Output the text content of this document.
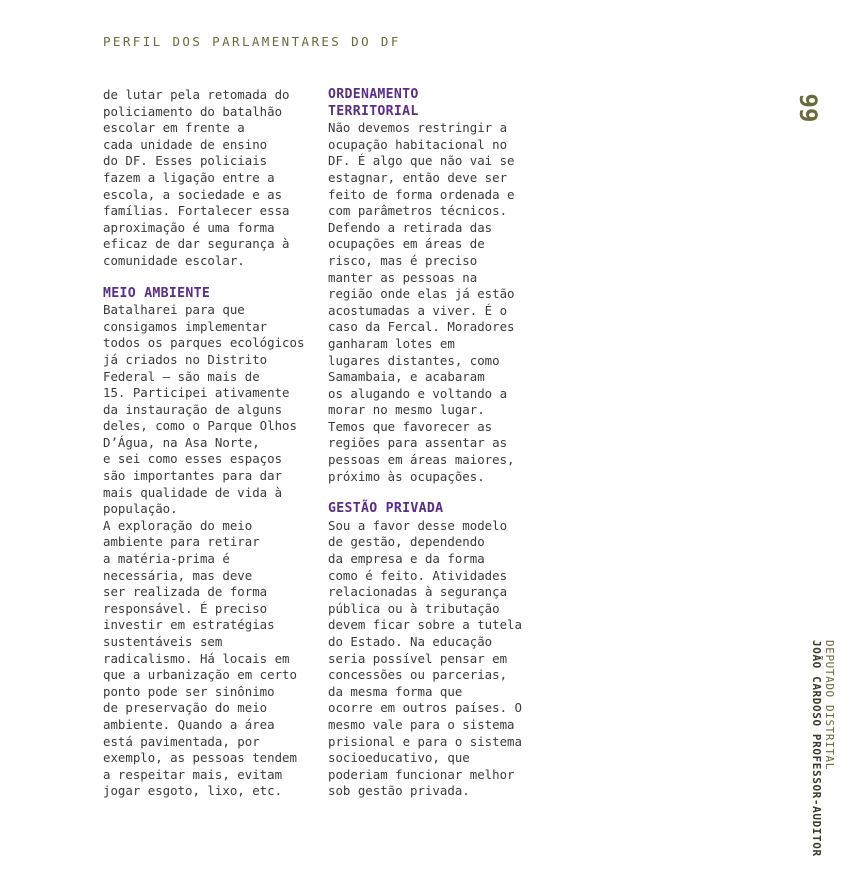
PERFIL DOS PARLAMENTARES DO DF

de lutar pela retomada do
policiamento do batalhão
escolar em frente a
cada unidade de ensino
do DF. Esses policiais
fazem a ligação entre a
escola, a sociedade e as
famílias. Fortalecer essa
aproximação é uma forma
eficaz de dar segurança à
comunidade escolar.

MEIO AMBIENTE

Batalharei para que
consigamos implementar
todos os parques ecológicos
já criados no Distrito
Federal — são mais de
15. Participei ativamente
da instauração de alguns
deles, como o Parque Olhos
D’Água, na Asa Norte,
e sei como esses espaços
são importantes para dar
mais qualidade de vida à
população.

A exploração do meio
ambiente para retirar
a matéria-prima é
necessária, mas deve
ser realizada de forma
responsável. É preciso
investir em estratégias
sustentáveis sem
radicalismo. Há locais em
que a urbanização em certo
ponto pode ser sinônimo
de preservação do meio
ambiente. Quando a área
está pavimentada, por
exemplo, as pessoas tendem
a respeitar mais, evitam
jogar esgoto, lixo, etc.

ORDENAMENTO
TERRITORIAL

Não devemos restringir a
ocupação habitacional no
DF. É algo que não vai se
estagnar, então deve ser
feito de forma ordenada e
com parâmetros técnicos.
Defendo a retirada das
ocupações em áreas de
risco, mas é preciso
manter as pessoas na
região onde elas já estão
acostumadas a viver. É o
caso da Fercal. Moradores
ganharam lotes em
lugares distantes, como
Samambaia, e acabaram
os alugando e voltando a
morar no mesmo lugar.
Temos que favorecer as
regiões para assentar as
pessoas em áreas maiores,
próximo às ocupações.

GESTÃO PRIVADA

Sou a favor desse modelo
de gestão, dependendo
da empresa e da forma
como é feito. Atividades
relacionadas à segurança
pública ou à tributação
devem ficar sobre a tutela
do Estado. Na educação
seria possível pensar em
concessões ou parcerias,
da mesma forma que
ocorre em outros países. O
mesmo vale para o sistema
prisional e para o sistema
socioeducativo, que
poderiam funcionar melhor
sob gestão privada.

99
DEPUTADO DISTRITAL
JOÃO CARDOSO PROFESSOR-AUDITOR
